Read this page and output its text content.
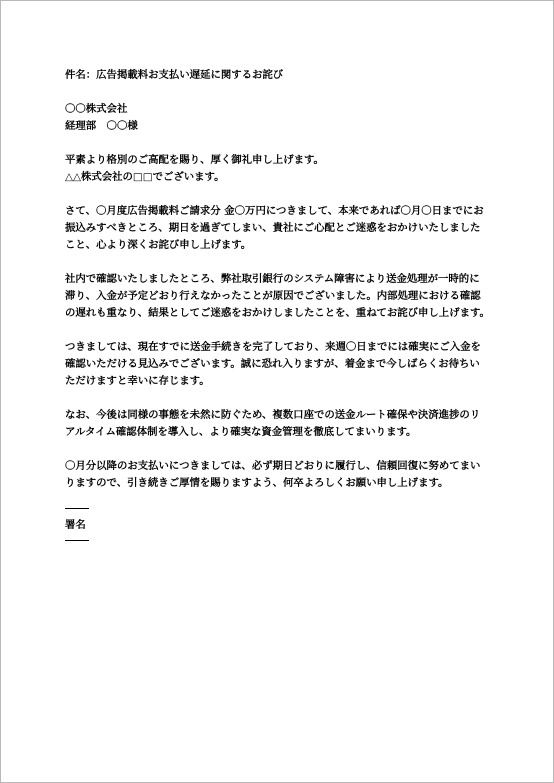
件名：広告掲載料お支払い遅延に関するお詫び
〇〇株式会社
経理部　〇〇様
平素より格別のご高配を賜り、厚く御礼申し上げます。
△△株式会社の□□でございます。
さて、〇月度広告掲載料ご請求分 金〇万円につきまして、本来であれば〇月〇日までにお
振込みすべきところ、期日を過ぎてしまい、貴社にご心配とご迷惑をおかけいたしました
こと、心より深くお詫び申し上げます。
社内で確認いたしましたところ、弊社取引銀行のシステム障害により送金処理が一時的に
滞り、入金が予定どおり行えなかったことが原因でございました。内部処理における確認
の遅れも重なり、結果としてご迷惑をおかけしましたことを、重ねてお詫び申し上げます。
つきましては、現在すでに送金手続きを完了しており、来週〇日までには確実にご入金を
確認いただける見込みでございます。誠に恐れ入りますが、着金まで今しばらくお待ちい
ただけますと幸いに存じます。
なお、今後は同様の事態を未然に防ぐため、複数口座での送金ルート確保や決済進捗のリ
アルタイム確認体制を導入し、より確実な資金管理を徹底してまいります。
〇月分以降のお支払いにつきましては、必ず期日どおりに履行し、信頼回復に努めてまい
りますので、引き続きご厚情を賜りますよう、何卒よろしくお願い申し上げます。
署名
